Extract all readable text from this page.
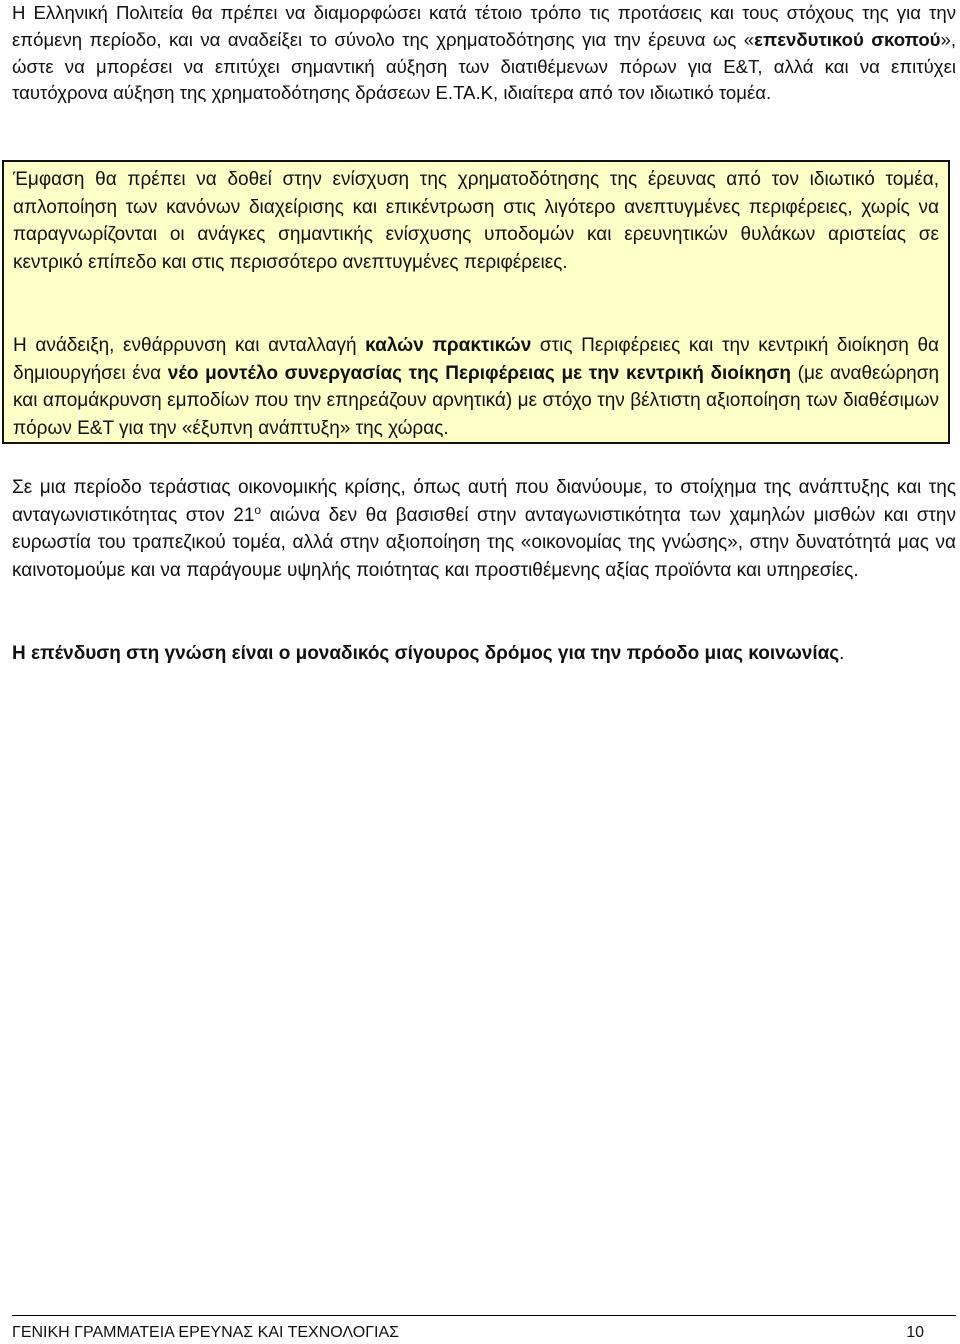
Η Ελληνική Πολιτεία θα πρέπει να διαμορφώσει κατά τέτοιο τρόπο τις προτάσεις και τους στόχους της για την επόμενη περίοδο, και να αναδείξει το σύνολο της χρηματοδότησης για την έρευνα ως «επενδυτικού σκοπού», ώστε να μπορέσει να επιτύχει σημαντική αύξηση των διατιθέμενων πόρων για Ε&Τ, αλλά και να επιτύχει ταυτόχρονα αύξηση της χρηματοδότησης δράσεων Ε.ΤΑ.Κ, ιδιαίτερα από τον ιδιωτικό τομέα.

Έμφαση θα πρέπει να δοθεί στην ενίσχυση της χρηματοδότησης της έρευνας από τον ιδιωτικό τομέα, απλοποίηση των κανόνων διαχείρισης και επικέντρωση στις λιγότερο ανεπτυγμένες περιφέρειες, χωρίς να παραγνωρίζονται οι ανάγκες σημαντικής ενίσχυσης υποδομών και ερευνητικών θυλάκων αριστείας σε κεντρικό επίπεδο και στις περισσότερο ανεπτυγμένες περιφέρειες.

Η ανάδειξη, ενθάρρυνση και ανταλλαγή καλών πρακτικών στις Περιφέρειες και την κεντρική διοίκηση θα δημιουργήσει ένα νέο μοντέλο συνεργασίας της Περιφέρειας με την κεντρική διοίκηση (με αναθεώρηση και απομάκρυνση εμποδίων που την επηρεάζουν αρνητικά) με στόχο την βέλτιστη αξιοποίηση των διαθέσιμων πόρων Ε&Τ για την «έξυπνη ανάπτυξη» της χώρας.

Σε μια περίοδο τεράστιας οικονομικής κρίσης, όπως αυτή που διανύουμε, το στοίχημα της ανάπτυξης και της ανταγωνιστικότητας στον $21^o$ αιώνα δεν θα βασισθεί στην ανταγωνιστικότητα των χαμηλών μισθών και στην ευρωστία του τραπεζικού τομέα, αλλά στην αξιοποίηση της «οικονομίας της γνώσης», στην δυνατότητά μας να καινοτομούμε και να παράγουμε υψηλής ποιότητας και προστιθέμενης αξίας προϊόντα και υπηρεσίες.

Η επένδυση στη γνώση είναι ο μοναδικός σίγουρος δρόμος για την πρόοδο μιας κοινωνίας.

ΓΕΝΙΚΗ ΓΡΑΜΜΑΤΕΙΑ ΕΡΕΥΝΑΣ ΚΑΙ ΤΕΧΝΟΛΟΓΙΑΣ	10
